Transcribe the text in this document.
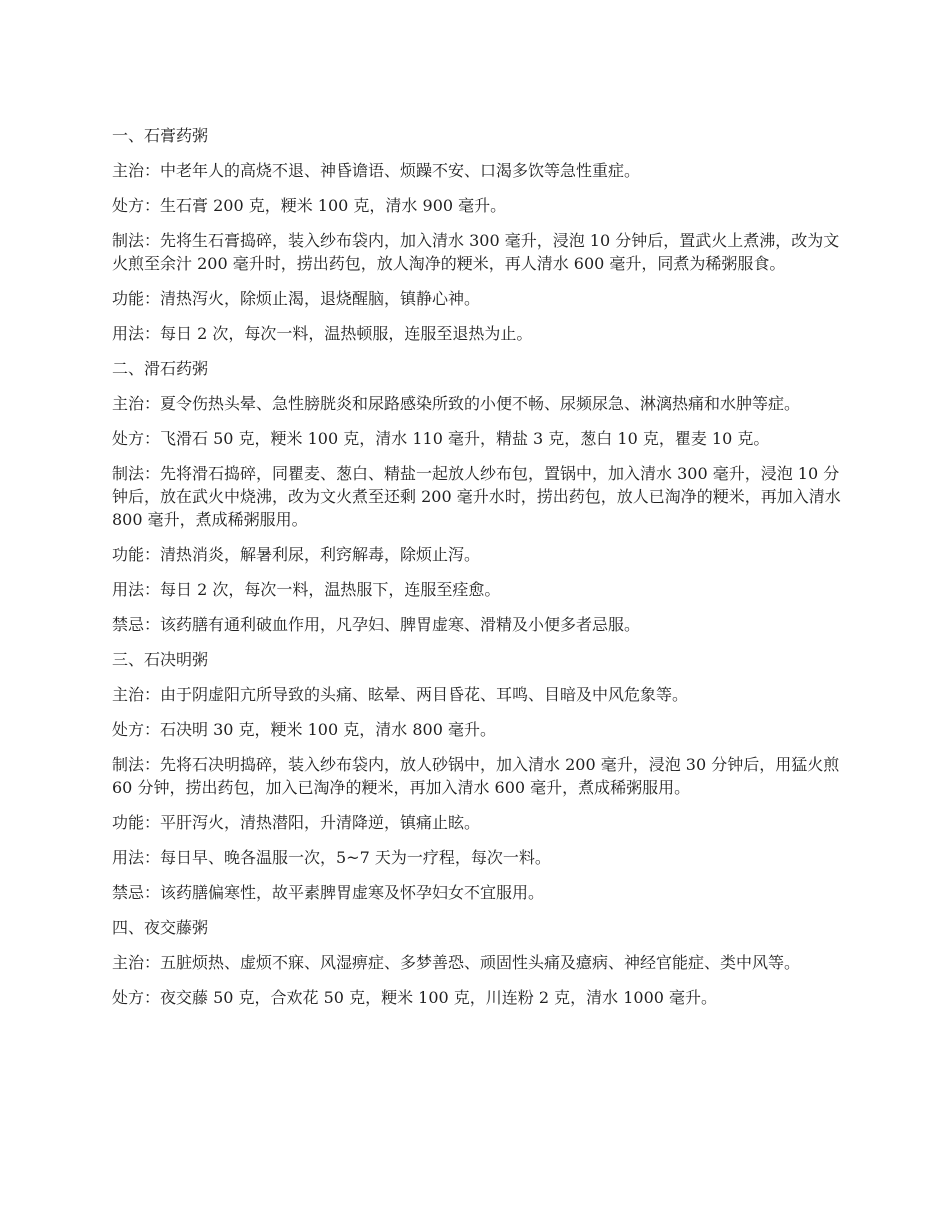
一、石膏药粥

主治：中老年人的高烧不退、神昏谵语、烦躁不安、口渴多饮等急性重症。

处方：生石膏 200 克，粳米 100 克，清水 900 毫升。

制法：先将生石膏捣碎，装入纱布袋内，加入清水 300 毫升，浸泡 10 分钟后，置武火上煮沸，改为文火煎至余汁 200 毫升时，捞出药包，放人淘净的粳米，再人清水 600 毫升，同煮为稀粥服食。

功能：清热泻火，除烦止渴，退烧醒脑，镇静心神。

用法：每日 2 次，每次一料，温热顿服，连服至退热为止。

二、滑石药粥

主治：夏令伤热头晕、急性膀胱炎和尿路感染所致的小便不畅、尿频尿急、淋漓热痛和水肿等症。

处方：飞滑石 50 克，粳米 100 克，清水 110 毫升，精盐 3 克，葱白 10 克，瞿麦 10 克。

制法：先将滑石捣碎，同瞿麦、葱白、精盐一起放人纱布包，置锅中，加入清水 300 毫升，浸泡 10 分钟后，放在武火中烧沸，改为文火煮至还剩 200 毫升水时，捞出药包，放人已淘净的粳米，再加入清水 800 毫升，煮成稀粥服用。

功能：清热消炎，解暑利尿，利窍解毒，除烦止泻。

用法：每日 2 次，每次一料，温热服下，连服至痊愈。

禁忌：该药膳有通利破血作用，凡孕妇、脾胃虚寒、滑精及小便多者忌服。

三、石决明粥

主治：由于阴虚阳亢所导致的头痛、眩晕、两目昏花、耳鸣、目暗及中风危象等。

处方：石决明 30 克，粳米 100 克，清水 800 毫升。

制法：先将石决明捣碎，装入纱布袋内，放人砂锅中，加入清水 200 毫升，浸泡 30 分钟后，用猛火煎 60 分钟，捞出药包，加入已淘净的粳米，再加入清水 600 毫升，煮成稀粥服用。

功能：平肝泻火，清热潜阳，升清降逆，镇痛止眩。

用法：每日早、晚各温服一次，5~7 天为一疗程，每次一料。

禁忌：该药膳偏寒性，故平素脾胃虚寒及怀孕妇女不宜服用。

四、夜交藤粥

主治：五脏烦热、虚烦不寐、风湿痹症、多梦善恐、顽固性头痛及癔病、神经官能症、类中风等。

处方：夜交藤 50 克，合欢花 50 克，粳米 100 克，川连粉 2 克，清水 1000 毫升。
